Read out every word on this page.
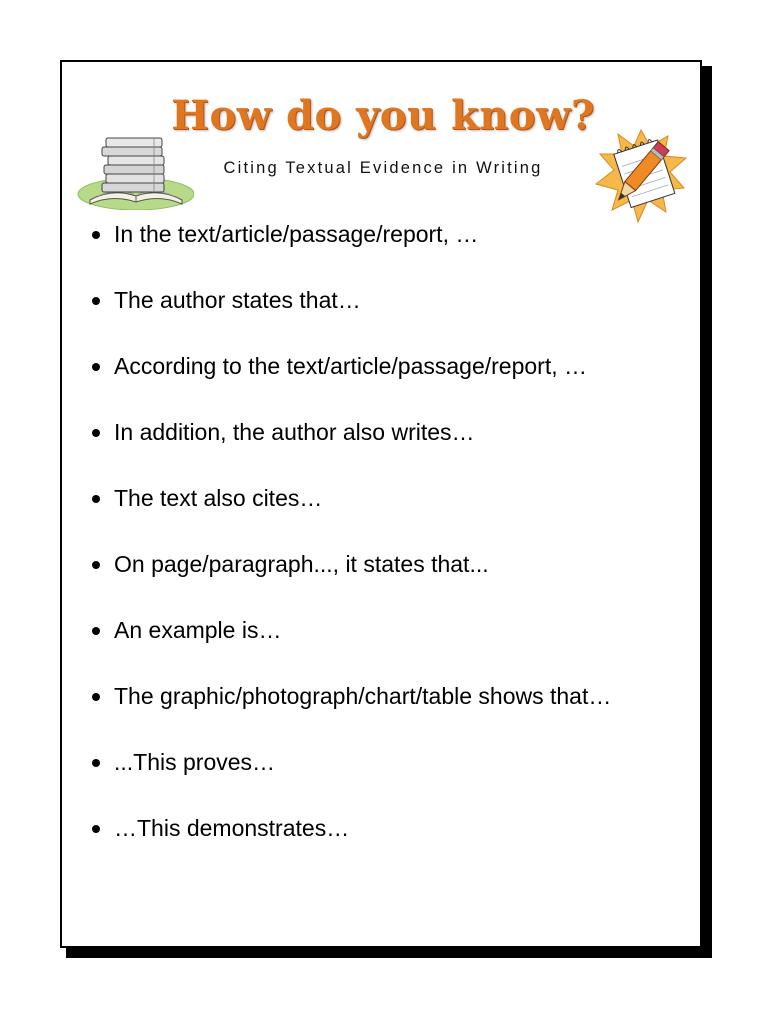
How do you know?
Citing Textual Evidence in Writing
In the text/article/passage/report, …
The author states that…
According to the text/article/passage/report, …
In addition, the author also writes…
The text also cites…
On page/paragraph..., it states that...
An example is…
The graphic/photograph/chart/table shows that…
...This proves…
…This demonstrates…
